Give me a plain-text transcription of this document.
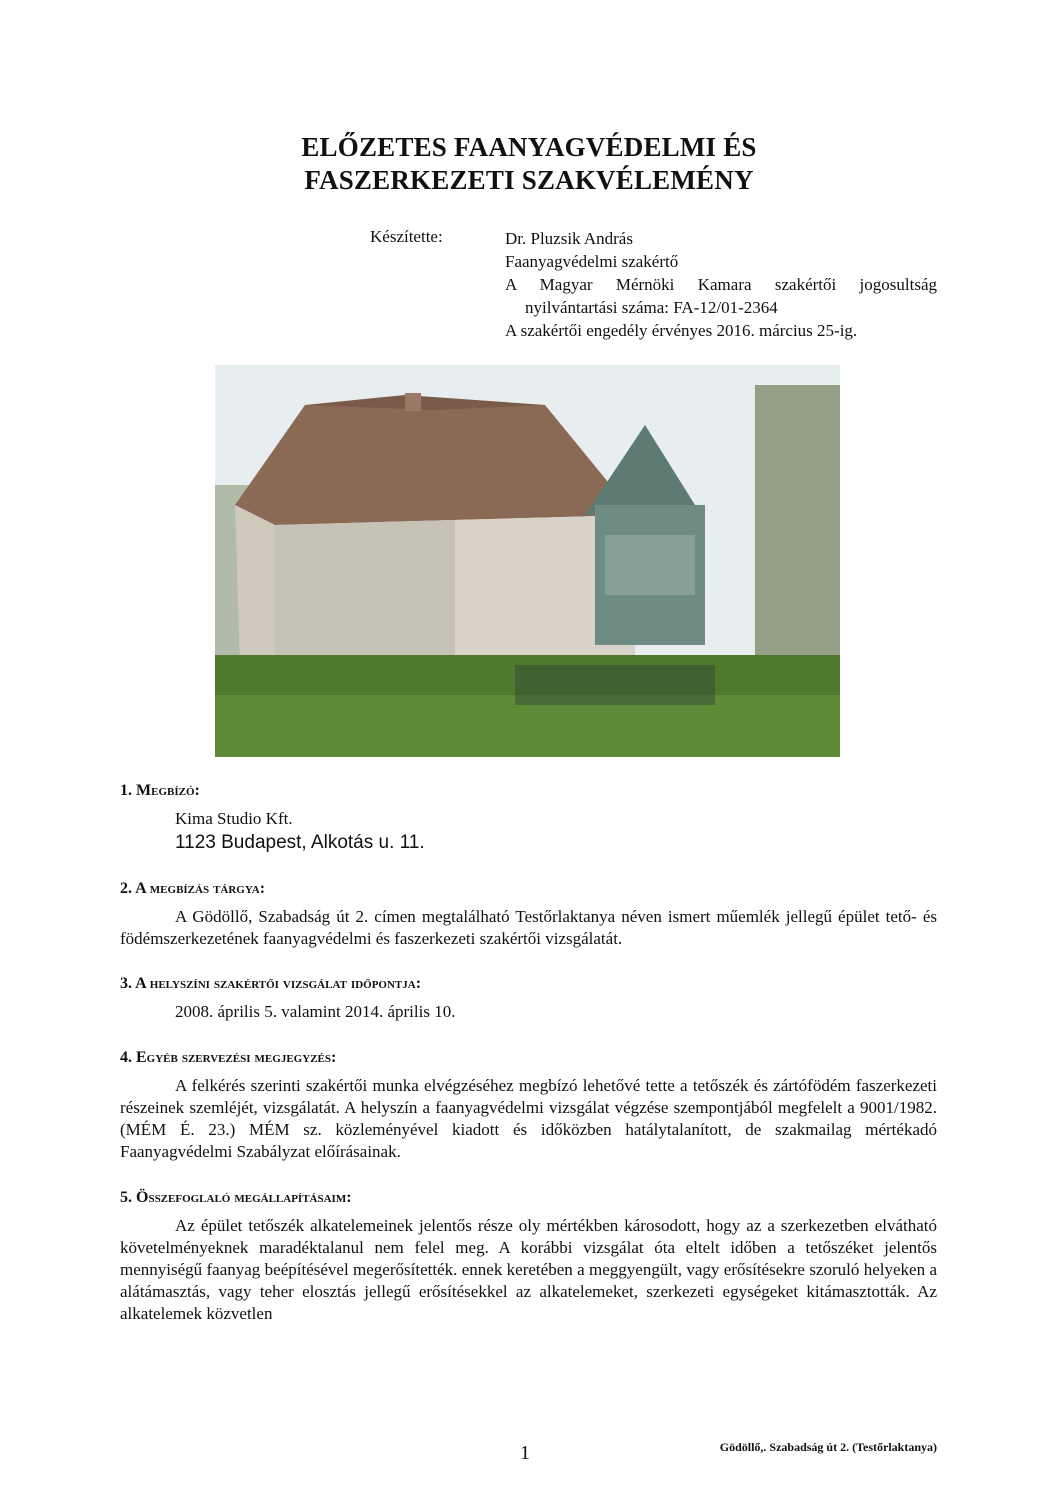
ELŐZETES FAANYAGVÉDELMI ÉS
FASZERKEZETI SZAKVÉLEMÉNY
Készítette:	Dr. Pluzsik András
Faanyagvédelmi szakértő
A Magyar Mérnöki Kamara szakértői jogosultság
nyilvántartási száma: FA-12/01-2364
A szakértői engedély érvényes 2016. március 25-ig.
1. Megbízó:
Kima Studio Kft.
1123 Budapest, Alkotás u. 11.
2. A megbízás tárgya:
A Gödöllő, Szabadság út 2. címen megtalálható Testőrlaktanya néven ismert műemlék jellegű épület tető- és födémszerkezetének faanyagvédelmi és faszerkezeti szakértői vizsgálatát.
3. A helyszíni szakértői vizsgálat időpontja:
2008. április 5. valamint 2014. április 10.
4. Egyéb szervezési megjegyzés:
A felkérés szerinti szakértői munka elvégzéséhez megbízó lehetővé tette a tetőszék és zártófödém faszerkezeti részeinek szemléjét, vizsgálatát. A helyszín a faanyagvédelmi vizsgálat végzése szempontjából megfelelt a 9001/1982. (MÉM É. 23.) MÉM sz. közleményével kiadott és időközben hatálytalanított, de szakmailag mértékadó Faanyagvédelmi Szabályzat előírásainak.
5. Összefoglaló megállapításaim:
Az épület tetőszék alkatelemeinek jelentős része oly mértékben károsodott, hogy az a szerkezetben elvátható követelményeknek maradéktalanul nem felel meg. A korábbi vizsgálat óta eltelt időben a tetőszéket jelentős mennyiségű faanyag beépítésével megerősítették. ennek keretében a meggyengült, vagy erősítésekre szoruló helyeken a alátámasztás, vagy teher elosztás jellegű erősítésekkel az alkatelemeket, szerkezeti egységeket kitámasztották. Az alkatelemek közvetlen
1	Gödöllő,. Szabadság út 2. (Testőrlaktanya)
